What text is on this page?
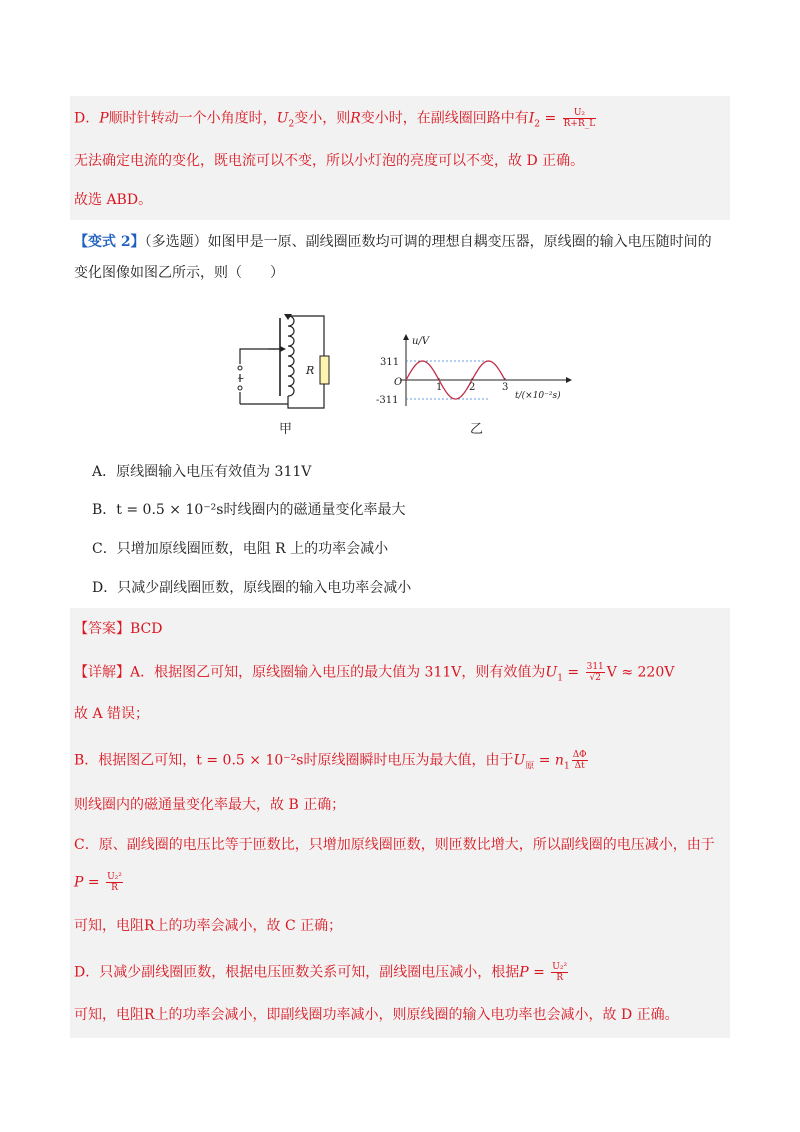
D．P顺时针转动一个小角度时，$U_2$变小，则R变小时，在副线圈回路中有$I_2 = \frac{\text{U₂}}{R+R\_L}$
无法确定电流的变化，既电流可以不变，所以小灯泡的亮度可以不变，故 D 正确。
故选 ABD。
【变式 2】（多选题）如图甲是一原、副线圈匝数均可调的理想自耦变压器，原线圈的输入电压随时间的
变化图像如图乙所示，则（　　）
~
R
甲
u/V
O
311
-311
1	2	3
t/(×10⁻²s)
乙
A．原线圈输入电压有效值为 311V
B．t = 0.5 × 10⁻²s时线圈内的磁通量变化率最大
C．只增加原线圈匝数，电阻 R 上的功率会减小
D．只减少副线圈匝数，原线圈的输入电功率会减小
【答案】BCD
【详解】A．根据图乙可知，原线圈输入电压的最大值为 311V，则有效值为$U_1 = \frac{311}{√2}$ V ≈ 220V
故 A 错误；
B．根据图乙可知，t = 0.5 × 10⁻²s时原线圈瞬时电压为最大值，由于$U_原 = n_1 \frac{\Delta\Phi}{\Delta t}$
则线圈内的磁通量变化率最大，故 B 正确；
C．原、副线圈的电压比等于匝数比，只增加原线圈匝数，则匝数比增大，所以副线圈的电压减小，由于
$P = \frac{\text{U₂²}}{R}$
可知，电阻R上的功率会减小，故 C 正确；
D．只减少副线圈匝数，根据电压匝数关系可知，副线圈电压减小，根据$P = \frac{\text{U₂²}}{R}$
可知，电阻R上的功率会减小，即副线圈功率减小，则原线圈的输入电功率也会减小，故 D 正确。
